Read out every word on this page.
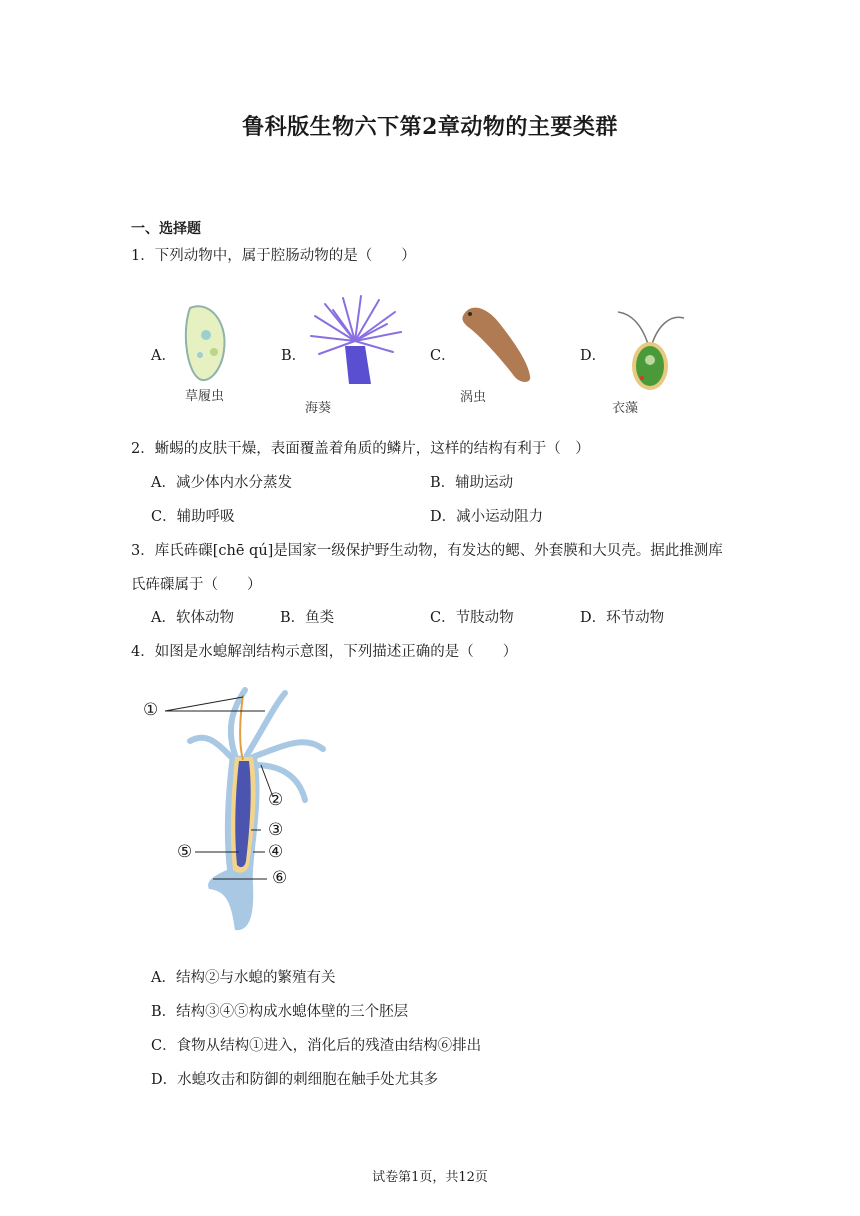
鲁科版生物六下第2章动物的主要类群
一、选择题
1．下列动物中，属于腔肠动物的是（　　）
A．
草履虫
B．
海葵
C．
涡虫
D．
衣藻
2．蜥蜴的皮肤干燥，表面覆盖着角质的鳞片，这样的结构有利于（　）
A．减少体内水分蒸发	B．辅助运动
C．辅助呼吸	D．减小运动阻力
3．库氏砗磲[chē qú]是国家一级保护野生动物，有发达的鳃、外套膜和大贝壳。据此推测库
氏砗磲属于（　　）
A．软体动物	B．鱼类	C．节肢动物	D．环节动物
4．如图是水螅解剖结构示意图，下列描述正确的是（　　）
①
②
③
④
⑤
⑥
A．结构②与水螅的繁殖有关
B．结构③④⑤构成水螅体壁的三个胚层
C．食物从结构①进入，消化后的残渣由结构⑥排出
D．水螅攻击和防御的刺细胞在触手处尤其多
试卷第1页，共12页
